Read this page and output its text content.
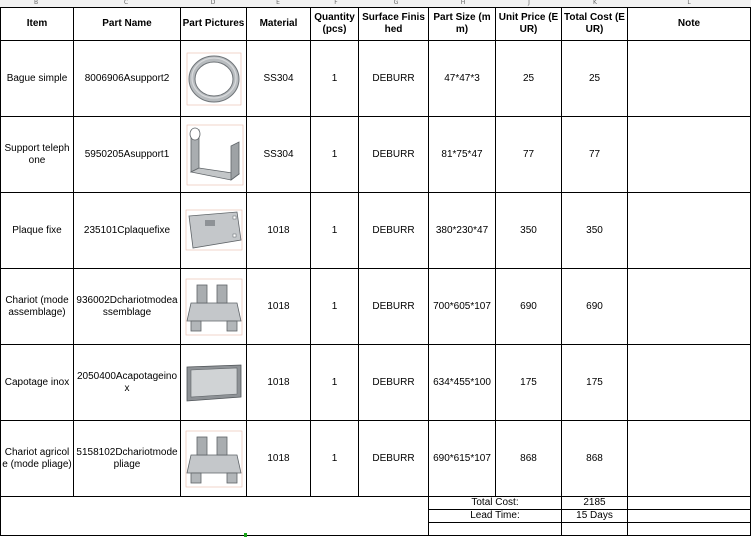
B	C	D	E	F	G	H	J	K	L
Item	Part Name	Part Pictures	Material	Quantity (pcs)	Surface Finished	Part Size (mm)	Unit Price (EUR)	Total Cost (EUR)	Note
Bague simple	8006906Asupport2		SS304	1	DEBURR	47*47*3	25	25	
Support telephone	5950205Asupport1		SS304	1	DEBURR	81*75*47	77	77	
Plaque fixe	235101Cplaquefixe		1018	1	DEBURR	380*230*47	350	350	
Chariot (mode assemblage)	936002Dchariotmodeassemblage		1018	1	DEBURR	700*605*107	690	690	
Capotage inox	2050400Acapotageinox		1018	1	DEBURR	634*455*100	175	175	
Chariot agricole (mode pliage)	5158102Dchariotmodepliage		1018	1	DEBURR	690*615*107	868	868	
						Total Cost:		2185	
						Lead Time:		15 Days	
